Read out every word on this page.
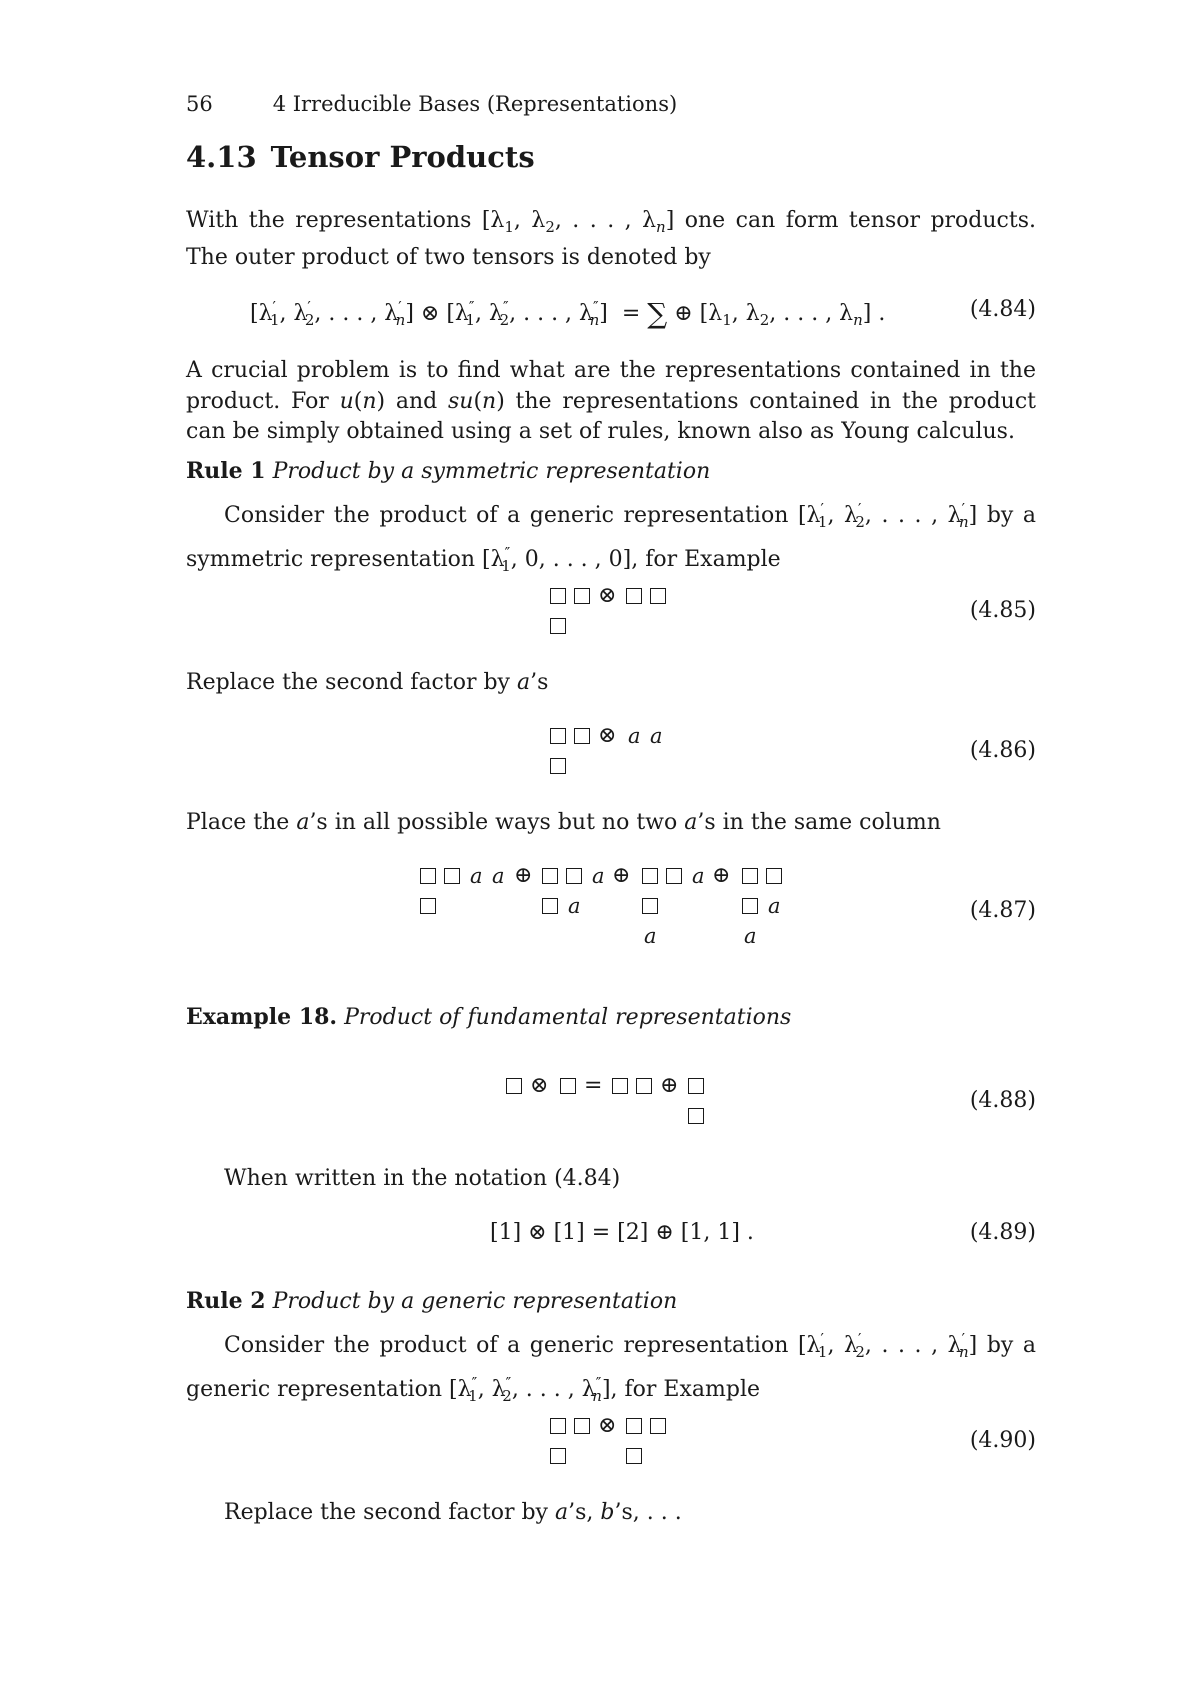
56	4 Irreducible Bases (Representations)
4.13 Tensor Products

With the representations [$\lambda_1$, $\lambda_2$, . . . , $\lambda_n$] one can form tensor products. The outer product of two tensors is denoted by

[$\lambda'_1$, $\lambda'_2$, . . . , $\lambda'_n$] ⊗ [$\lambda''_1$, $\lambda''_2$, . . . , $\lambda''_n$]  = ∑ ⊕ [$\lambda_1$, $\lambda_2$, . . . , $\lambda_n$] .	(4.84)

A crucial problem is to find what are the representations contained in the product. For u(n) and su(n) the representations contained in the product can be simply obtained using a set of rules, known also as Young calculus.

Rule 1 Product by a symmetric representation

Consider the product of a generic representation [$\lambda'_1$, $\lambda'_2$, . . . , $\lambda'_n$] by a symmetric representation [$\lambda''_1$, 0, . . . , 0], for Example

⊗
(4.85)

Replace the second factor by a’s

⊗ a a
(4.86)

Place the a’s in all possible ways but no two a’s in the same column

a a ⊕	a ⊕
a
a ⊕
a
a
a
(4.87)
Example 18. Product of fundamental representations
⊗ =	⊕
(4.88)

When written in the notation (4.84)

[1] ⊗ [1] = [2] ⊕ [1, 1] .	(4.89)
Rule 2 Product by a generic representation

Consider the product of a generic representation [$\lambda'_1$, $\lambda'_2$, . . . , $\lambda'_n$] by a generic representation [$\lambda''_1$, $\lambda''_2$, . . . , $\lambda''_n$], for Example

⊗
(4.90)

Replace the second factor by a’s, b’s, . . .
